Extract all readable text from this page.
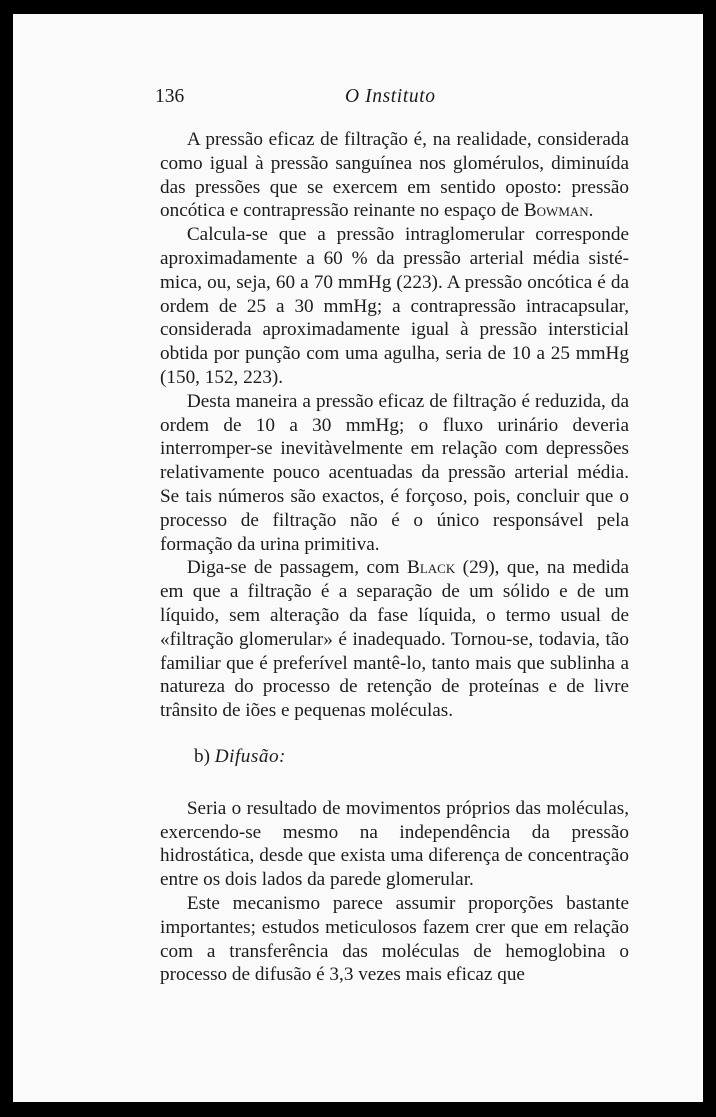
136	O Instituto

A pressão eficaz de filtração é, na realidade, considerada como igual à pressão sanguínea nos glomérulos, diminuída das pressões que se exercem em sentido oposto: pressão oncótica e contrapressão reinante no espaço de Bowman.

Calcula-se que a pressão intraglomerular corresponde aproximadamente a 60 % da pressão arterial média sistémica, ou, seja, 60 a 70 mmHg (223). A pressão oncótica é da ordem de 25 a 30 mmHg; a contrapressão intracapsular, considerada aproximadamente igual à pressão intersticial obtida por punção com uma agulha, seria de 10 a 25 mmHg (150, 152, 223).

Desta maneira a pressão eficaz de filtração é reduzida, da ordem de 10 a 30 mmHg; o fluxo urinário deveria interromper-se inevitàvelmente em relação com depressões relativamente pouco acentuadas da pressão arterial média. Se tais números são exactos, é forçoso, pois, concluir que o processo de filtração não é o único responsável pela formação da urina primitiva.

Diga-se de passagem, com Black (29), que, na medida em que a filtração é a separação de um sólido e de um líquido, sem alteração da fase líquida, o termo usual de «filtração glomerular» é inadequado. Tornou-se, todavia, tão familiar que é preferível mantê-lo, tanto mais que sublinha a natureza do processo de retenção de proteínas e de livre trânsito de iões e pequenas moléculas.

b) Difusão:

Seria o resultado de movimentos próprios das moléculas, exercendo-se mesmo na independência da pressão hidrostática, desde que exista uma diferença de concentração entre os dois lados da parede glomerular.

Este mecanismo parece assumir proporções bastante importantes; estudos meticulosos fazem crer que em relação com a transferência das moléculas de hemoglobina o processo de difusão é 3,3 vezes mais eficaz que
